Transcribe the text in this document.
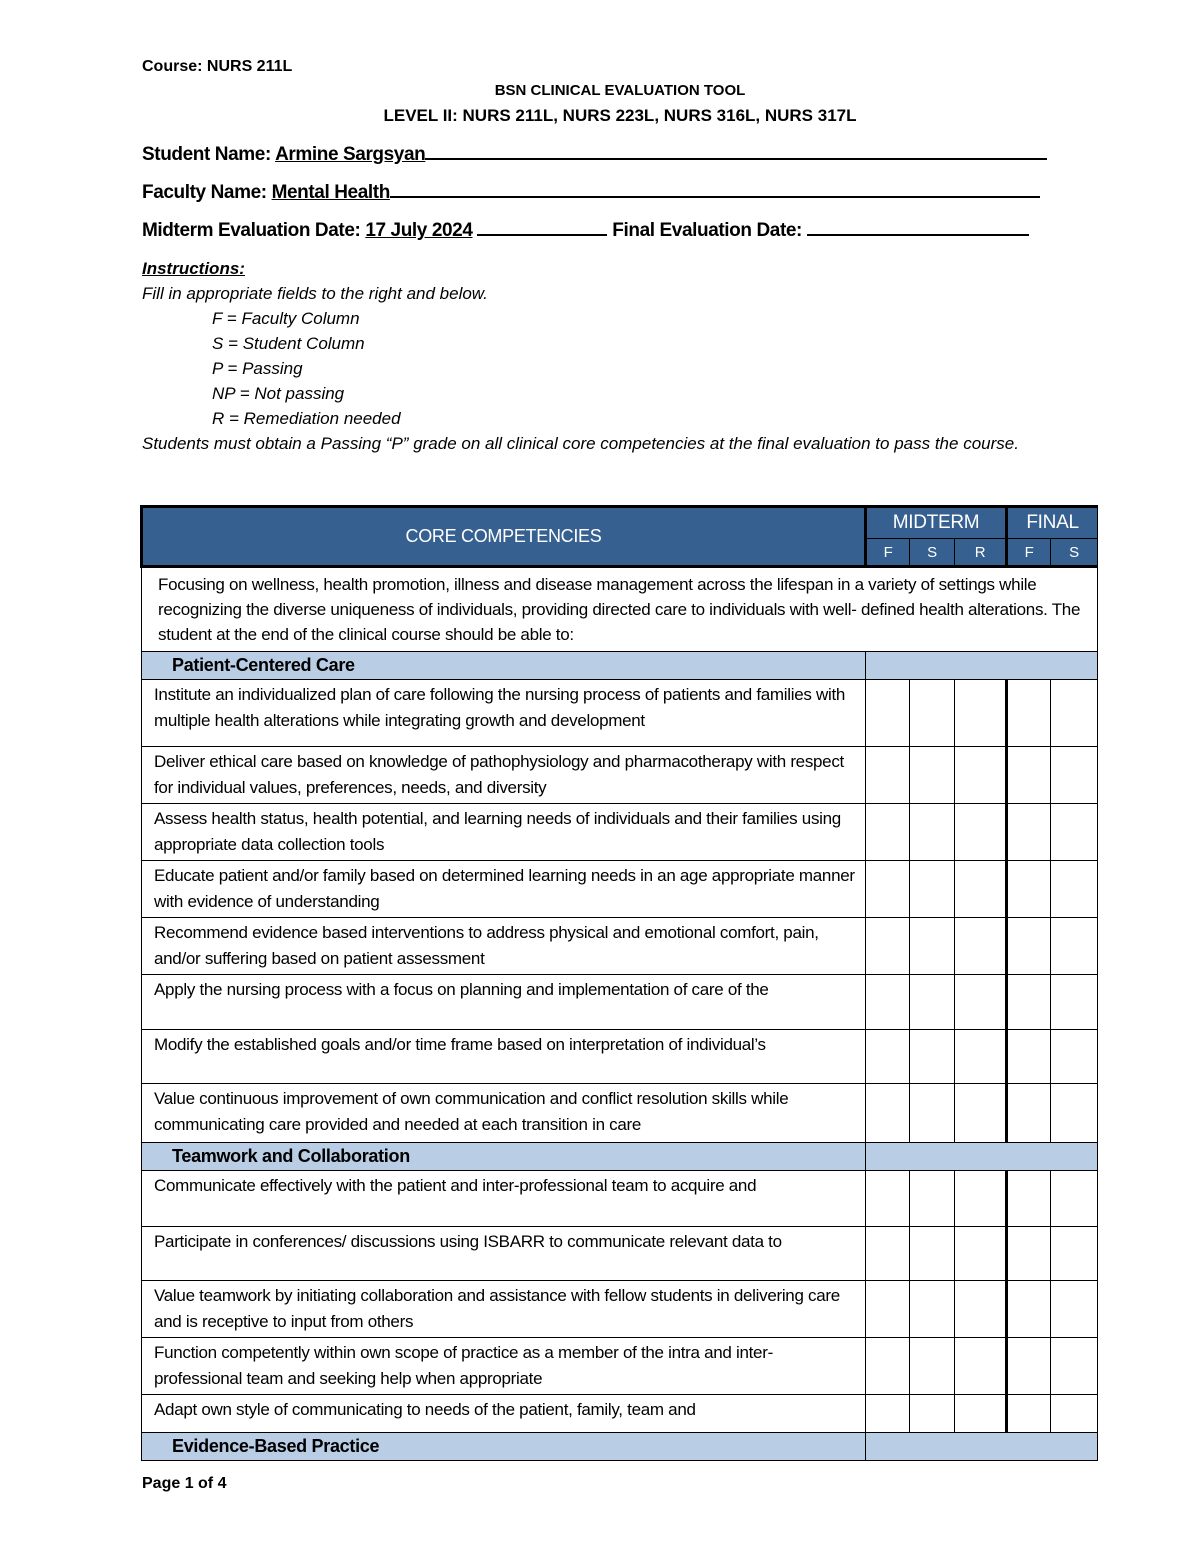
Course: NURS 211L
BSN CLINICAL EVALUATION TOOL
LEVEL II: NURS 211L, NURS 223L, NURS 316L, NURS 317L
Student Name: Armine Sargsyan
Faculty Name: Mental Health
Midterm Evaluation Date: 17 July 2024	Final Evaluation Date:
Instructions:
Fill in appropriate fields to the right and below.
F = Faculty Column
S = Student Column
P = Passing
NP = Not passing
R = Remediation needed
Students must obtain a Passing “P” grade on all clinical core competencies at the final evaluation to pass the course.
CORE COMPETENCIES	MIDTERM			FINAL	
	F	S	R	F	S
Focusing on wellness, health promotion, illness and disease management across the lifespan in a variety of settings while recognizing the diverse uniqueness of individuals, providing directed care to individuals with well- defined health alterations. The student at the end of the clinical course should be able to:					
Patient-Centered Care					
Institute an individualized plan of care following the nursing process of patients and families with multiple health alterations while integrating growth and development					
Deliver ethical care based on knowledge of pathophysiology and pharmacotherapy with respect for individual values, preferences, needs, and diversity					
Assess health status, health potential, and learning needs of individuals and their families using appropriate data collection tools					
Educate patient and/or family based on determined learning needs in an age appropriate manner with evidence of understanding					
Recommend evidence based interventions to address physical and emotional comfort, pain, and/or suffering based on patient assessment					
Apply the nursing process with a focus on planning and implementation of care of the					
Modify the established goals and/or time frame based on interpretation of individual’s					
Value continuous improvement of own communication and conflict resolution skills while communicating care provided and needed at each transition in care					
Teamwork and Collaboration					
Communicate effectively with the patient and inter-professional team to acquire and					
Participate in conferences/ discussions using ISBARR to communicate relevant data to					
Value teamwork by initiating collaboration and assistance with fellow students in delivering care and is receptive to input from others					
Function competently within own scope of practice as a member of the intra and inter-professional team and seeking help when appropriate					
Adapt own style of communicating to needs of the patient, family, team and					
Evidence-Based Practice					
Page 1 of 4
